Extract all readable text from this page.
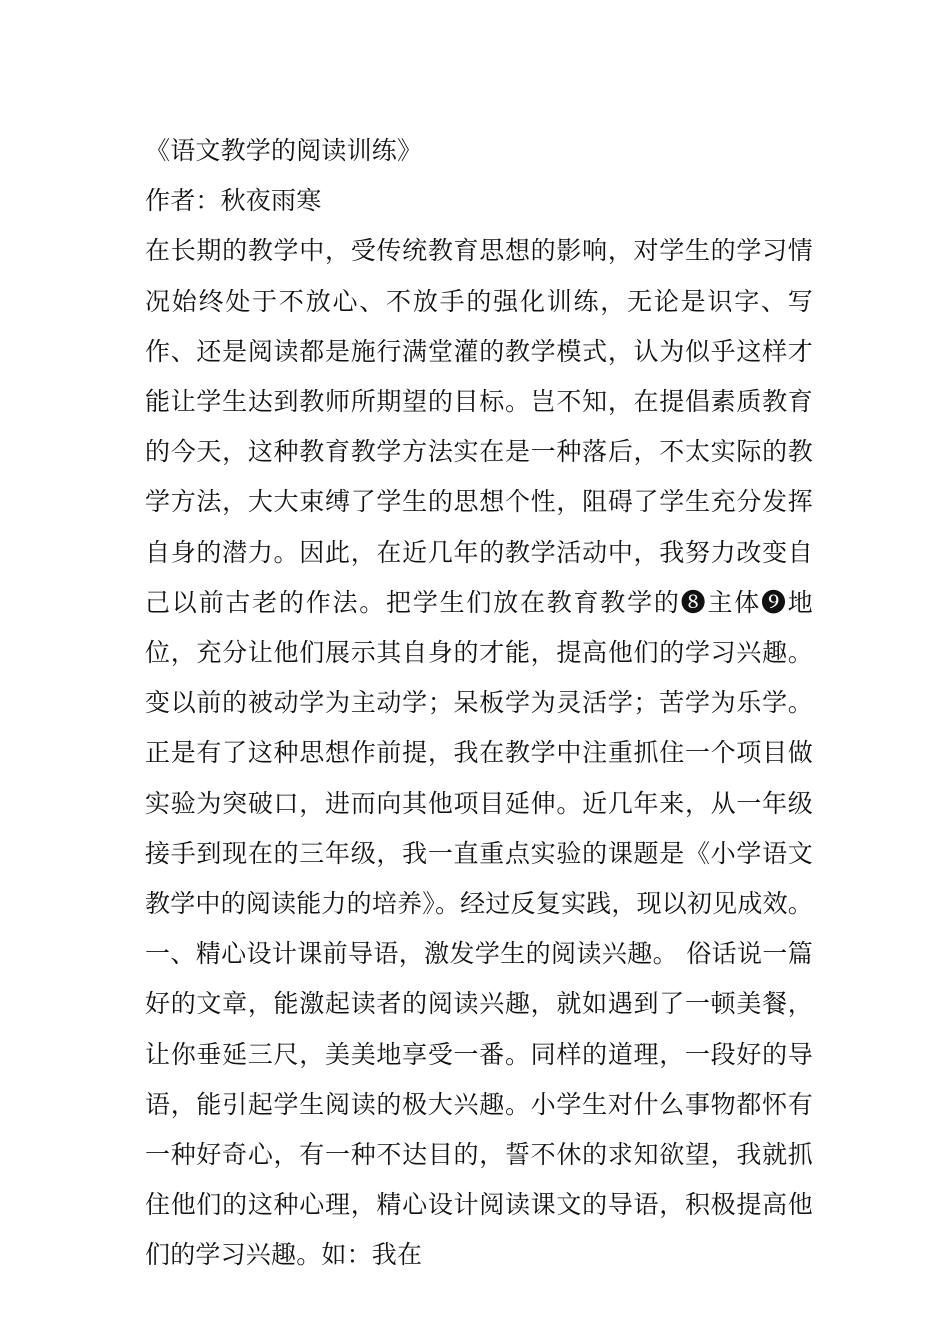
《语文教学的阅读训练》

作者：秋夜雨寒

在长期的教学中，受传统教育思想的影响，对学生的学习情况始终处于不放心、不放手的强化训练，无论是识字、写作、还是阅读都是施行满堂灌的教学模式，认为似乎这样才能让学生达到教师所期望的目标。岂不知，在提倡素质教育的今天，这种教育教学方法实在是一种落后，不太实际的教学方法，大大束缚了学生的思想个性，阻碍了学生充分发挥自身的潜力。因此，在近几年的教学活动中，我努力改变自己以前古老的作法。把学生们放在教育教学的❽主体❾地位，充分让他们展示其自身的才能，提高他们的学习兴趣。变以前的被动学为主动学；呆板学为灵活学；苦学为乐学。正是有了这种思想作前提，我在教学中注重抓住一个项目做实验为突破口，进而向其他项目延伸。近几年来，从一年级接手到现在的三年级，我一直重点实验的课题是《小学语文教学中的阅读能力的培养》。经过反复实践，现以初见成效。一、精心设计课前导语，激发学生的阅读兴趣。 俗话说一篇好的文章，能激起读者的阅读兴趣，就如遇到了一顿美餐，让你垂延三尺，美美地享受一番。同样的道理，一段好的导语，能引起学生阅读的极大兴趣。小学生对什么事物都怀有一种好奇心，有一种不达目的，誓不休的求知欲望，我就抓住他们的这种心理，精心设计阅读课文的导语，积极提高他们的学习兴趣。如：我在
